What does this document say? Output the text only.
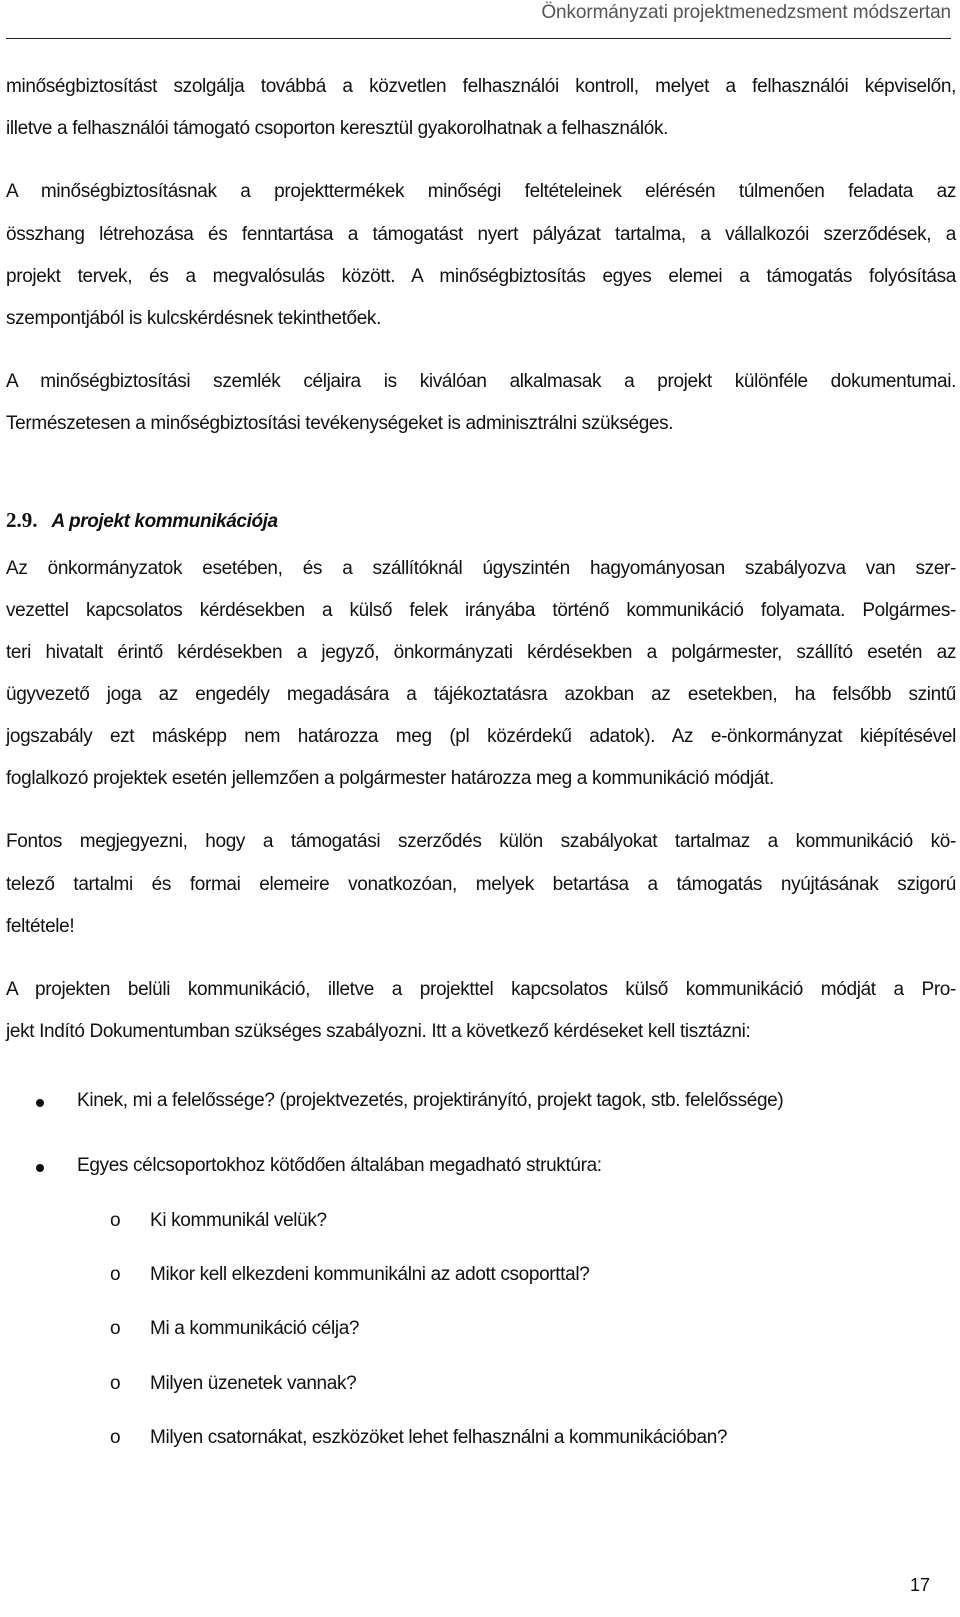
Önkormányzati projektmenedzsment módszertan
minőségbiztosítást szolgálja továbbá a közvetlen felhasználói kontroll, melyet a felhasználói képviselőn,
illetve a felhasználói támogató csoporton keresztül gyakorolhatnak a felhasználók.
A minőségbiztosításnak a projekttermékek minőségi feltételeinek elérésén túlmenően feladata az
összhang létrehozása és fenntartása a támogatást nyert pályázat tartalma, a vállalkozói szerződések, a
projekt tervek, és a megvalósulás között. A minőségbiztosítás egyes elemei a támogatás folyósítása
szempontjából is kulcskérdésnek tekinthetőek.
A minőségbiztosítási szemlék céljaira is kiválóan alkalmasak a projekt különféle dokumentumai.
Természetesen a minőségbiztosítási tevékenységeket is adminisztrálni szükséges.
2.9. A projekt kommunikációja
Az önkormányzatok esetében, és a szállítóknál úgyszintén hagyományosan szabályozva van szer-
vezettel kapcsolatos kérdésekben a külső felek irányába történő kommunikáció folyamata. Polgármes-
teri hivatalt érintő kérdésekben a jegyző, önkormányzati kérdésekben a polgármester, szállító esetén az
ügyvezető joga az engedély megadására a tájékoztatásra azokban az esetekben, ha felsőbb szintű
jogszabály ezt másképp nem határozza meg (pl közérdekű adatok). Az e-önkormányzat kiépítésével
foglalkozó projektek esetén jellemzően a polgármester határozza meg a kommunikáció módját.
Fontos megjegyezni, hogy a támogatási szerződés külön szabályokat tartalmaz a kommunikáció kö-
telező tartalmi és formai elemeire vonatkozóan, melyek betartása a támogatás nyújtásának szigorú
feltétele!
A projekten belüli kommunikáció, illetve a projekttel kapcsolatos külső kommunikáció módját a Pro-
jekt Indító Dokumentumban szükséges szabályozni. Itt a következő kérdéseket kell tisztázni:
Kinek, mi a felelőssége? (projektvezetés, projektirányító, projekt tagok, stb. felelőssége)
Egyes célcsoportokhoz kötődően általában megadható struktúra:
o Ki kommunikál velük?
o Mikor kell elkezdeni kommunikálni az adott csoporttal?
o Mi a kommunikáció célja?
o Milyen üzenetek vannak?
o Milyen csatornákat, eszközöket lehet felhasználni a kommunikációban?
17
